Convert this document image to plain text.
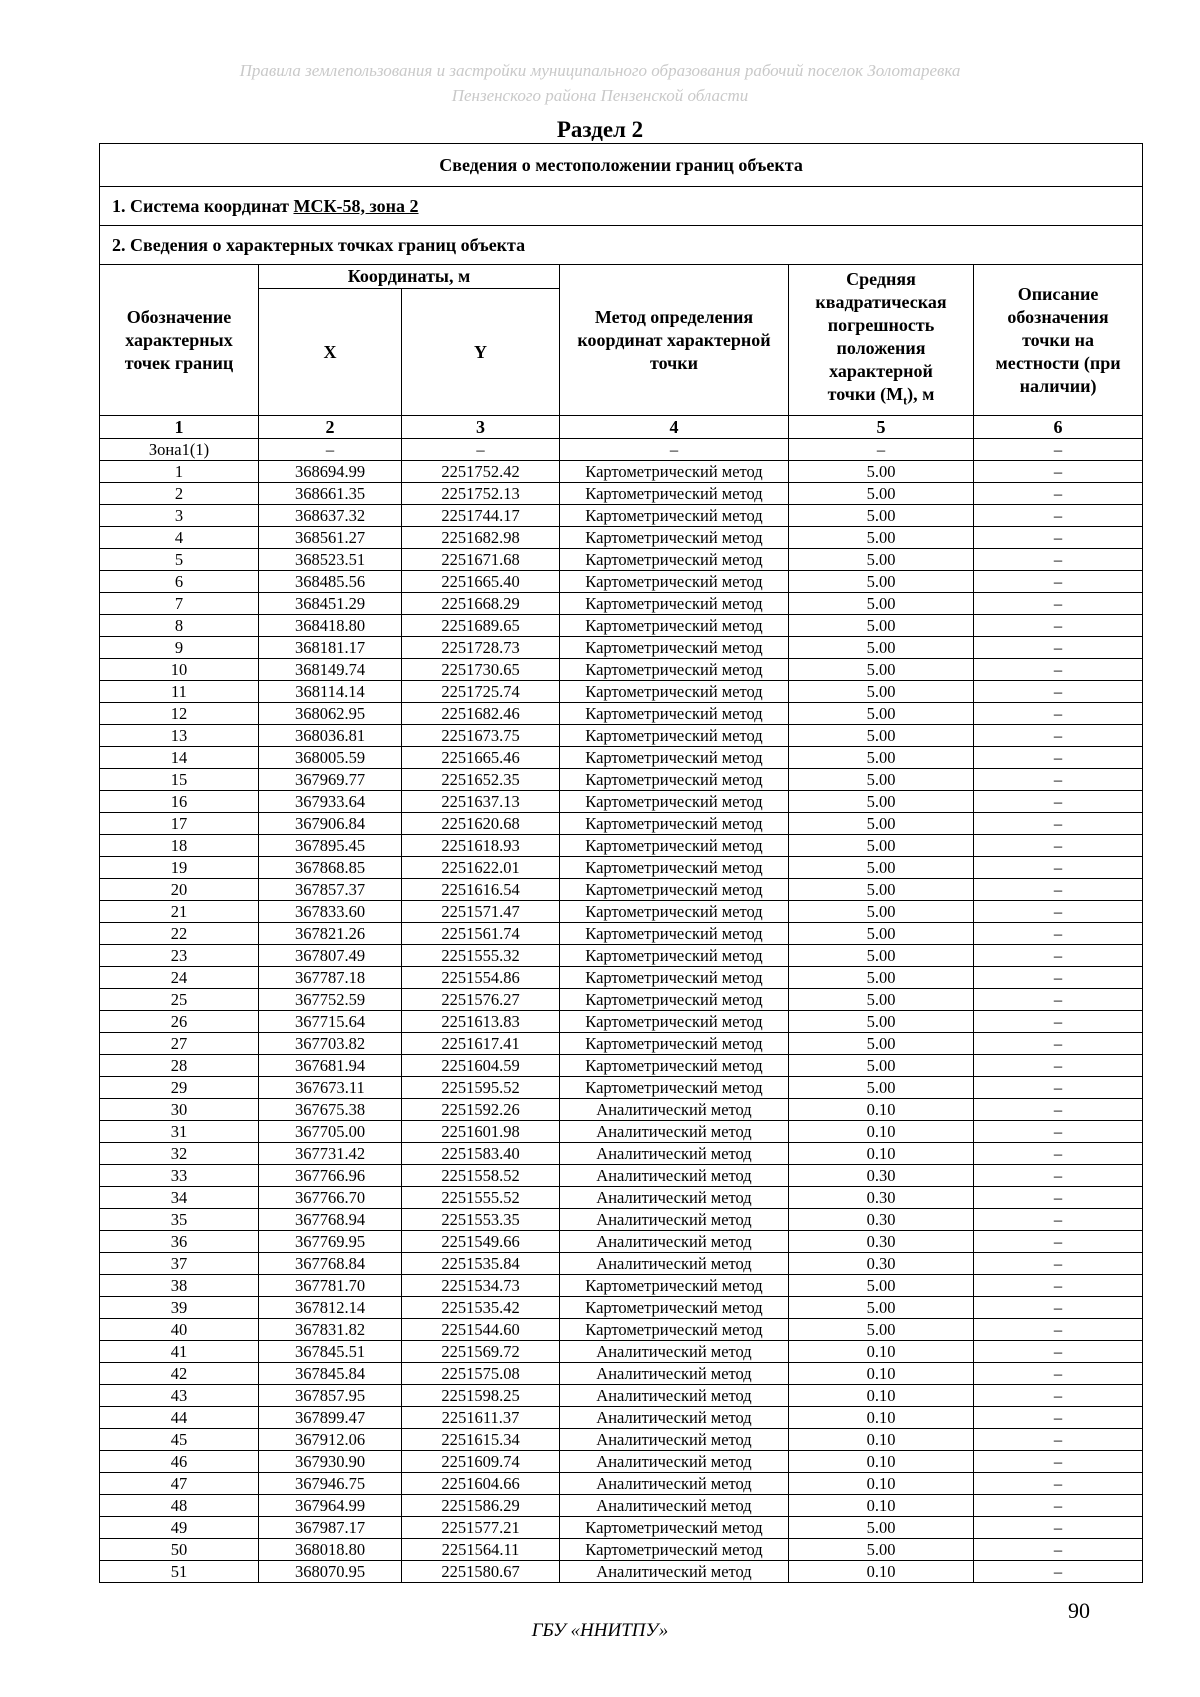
Правила землепользования и застройки муниципального образования рабочий поселок Золотаревка
Пензенского района Пензенской области
Раздел 2
Сведения о местоположении границ объекта					
1. Система координат МСК-58, зона 2					
2. Сведения о характерных точках границ объекта					
Обозначение характерных точек границ	Координаты, м		Метод определения координат характерной точки	Средняя квадратическая погрешность положения характерной точки $(M_t)$, м	Описание обозначения точки на местности (при наличии)
	X	Y			
1	2	3	4	5	6
Зона1(1)	–	–	–	–	–
1	368694.99	2251752.42	Картометрический метод	5.00	–
2	368661.35	2251752.13	Картометрический метод	5.00	–
3	368637.32	2251744.17	Картометрический метод	5.00	–
4	368561.27	2251682.98	Картометрический метод	5.00	–
5	368523.51	2251671.68	Картометрический метод	5.00	–
6	368485.56	2251665.40	Картометрический метод	5.00	–
7	368451.29	2251668.29	Картометрический метод	5.00	–
8	368418.80	2251689.65	Картометрический метод	5.00	–
9	368181.17	2251728.73	Картометрический метод	5.00	–
10	368149.74	2251730.65	Картометрический метод	5.00	–
11	368114.14	2251725.74	Картометрический метод	5.00	–
12	368062.95	2251682.46	Картометрический метод	5.00	–
13	368036.81	2251673.75	Картометрический метод	5.00	–
14	368005.59	2251665.46	Картометрический метод	5.00	–
15	367969.77	2251652.35	Картометрический метод	5.00	–
16	367933.64	2251637.13	Картометрический метод	5.00	–
17	367906.84	2251620.68	Картометрический метод	5.00	–
18	367895.45	2251618.93	Картометрический метод	5.00	–
19	367868.85	2251622.01	Картометрический метод	5.00	–
20	367857.37	2251616.54	Картометрический метод	5.00	–
21	367833.60	2251571.47	Картометрический метод	5.00	–
22	367821.26	2251561.74	Картометрический метод	5.00	–
23	367807.49	2251555.32	Картометрический метод	5.00	–
24	367787.18	2251554.86	Картометрический метод	5.00	–
25	367752.59	2251576.27	Картометрический метод	5.00	–
26	367715.64	2251613.83	Картометрический метод	5.00	–
27	367703.82	2251617.41	Картометрический метод	5.00	–
28	367681.94	2251604.59	Картометрический метод	5.00	–
29	367673.11	2251595.52	Картометрический метод	5.00	–
30	367675.38	2251592.26	Аналитический метод	0.10	–
31	367705.00	2251601.98	Аналитический метод	0.10	–
32	367731.42	2251583.40	Аналитический метод	0.10	–
33	367766.96	2251558.52	Аналитический метод	0.30	–
34	367766.70	2251555.52	Аналитический метод	0.30	–
35	367768.94	2251553.35	Аналитический метод	0.30	–
36	367769.95	2251549.66	Аналитический метод	0.30	–
37	367768.84	2251535.84	Аналитический метод	0.30	–
38	367781.70	2251534.73	Картометрический метод	5.00	–
39	367812.14	2251535.42	Картометрический метод	5.00	–
40	367831.82	2251544.60	Картометрический метод	5.00	–
41	367845.51	2251569.72	Аналитический метод	0.10	–
42	367845.84	2251575.08	Аналитический метод	0.10	–
43	367857.95	2251598.25	Аналитический метод	0.10	–
44	367899.47	2251611.37	Аналитический метод	0.10	–
45	367912.06	2251615.34	Аналитический метод	0.10	–
46	367930.90	2251609.74	Аналитический метод	0.10	–
47	367946.75	2251604.66	Аналитический метод	0.10	–
48	367964.99	2251586.29	Аналитический метод	0.10	–
49	367987.17	2251577.21	Картометрический метод	5.00	–
50	368018.80	2251564.11	Картометрический метод	5.00	–
51	368070.95	2251580.67	Аналитический метод	0.10	–
90
ГБУ «ННИТПУ»
